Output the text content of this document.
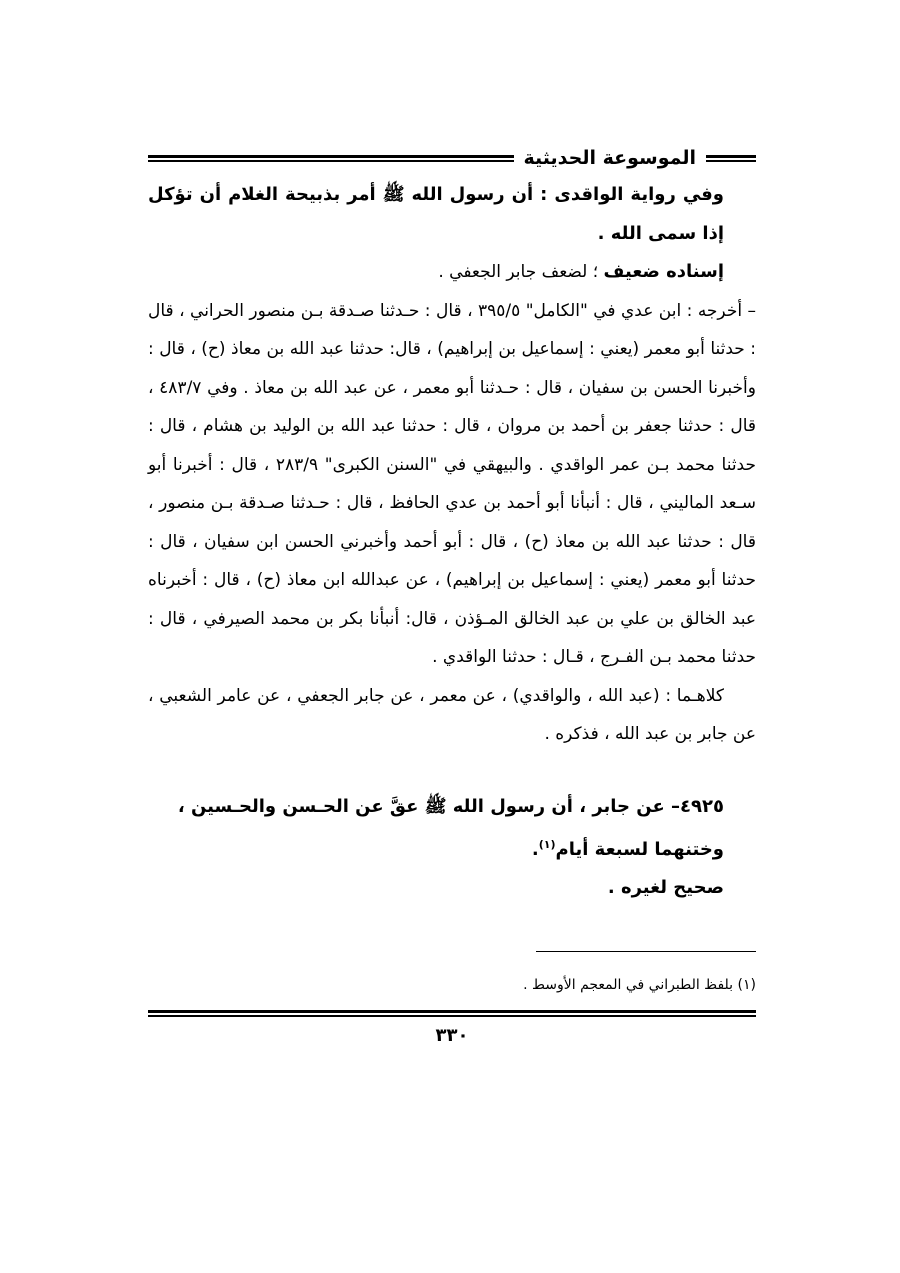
الموسوعة الحديثية
وفي رواية الواقدى : أن رسول الله ﷺ أمر بذبيحة الغلام أن تؤكل إذا سمى الله .
إسناده ضعيف ؛ لضعف جابر الجعفي .
– أخرجه : ابن عدي في "الكامل" ٣٩٥/٥ ، قال : حـدثنا صـدقة بـن منصور الحراني ، قال : حدثنا أبو معمر (يعني : إسماعيل بن إبراهيم) ، قال: حدثنا عبد الله بن معاذ (ح) ، قال : وأخبرنا الحسن بن سفيان ، قال : حـدثنا أبو معمر ، عن عبد الله بن معاذ . وفي ٤٨٣/٧ ، قال : حدثنا جعفر بن أحمد بن مروان ، قال : حدثنا عبد الله بن الوليد بن هشام ، قال : حدثنا محمد بـن عمر الواقدي . والبيهقي في "السنن الكبرى" ٢٨٣/٩ ، قال : أخبرنا أبو سـعد الماليني ، قال : أنبأنا أبو أحمد بن عدي الحافظ ، قال : حـدثنا صـدقة بـن منصور ، قال : حدثنا عبد الله بن معاذ (ح) ، قال : أبو أحمد وأخبرني الحسن ابن سفيان ، قال : حدثنا أبو معمر (يعني : إسماعيل بن إبراهيم) ، عن عبدالله ابن معاذ (ح) ، قال : أخبرناه عبد الخالق بن علي بن عبد الخالق المـؤذن ، قال: أنبأنا بكر بن محمد الصيرفي ، قال : حدثنا محمد بـن الفـرج ، قـال : حدثنا الواقدي .
كلاهـما : (عبد الله ، والواقدي) ، عن معمر ، عن جابر الجعفي ، عن عامر الشعبي ، عن جابر بن عبد الله ، فذكره .
٤٩٢٥– عن جابر ، أن رسول الله ﷺ عقَّ عن الحـسن والحـسين ، وختنهما لسبعة أيام$^{(١)}$.
صحيح لغيره .
(١) بلفظ الطبراني في المعجم الأوسط .
٣٣٠
